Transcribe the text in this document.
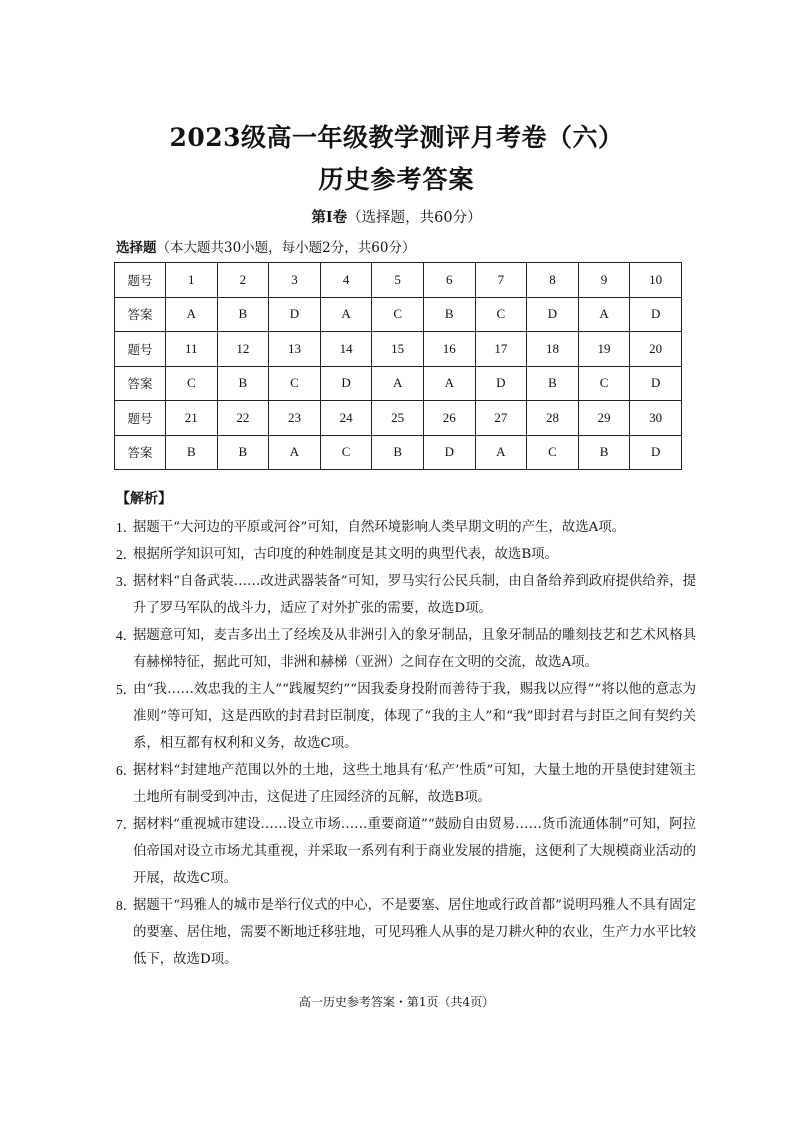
2023级高一年级教学测评月考卷（六）
历史参考答案
第Ⅰ卷（选择题，共60分）
选择题（本大题共30小题，每小题2分，共60分）
题号	1	2	3	4	5	6	7	8	9	10
答案	A	B	D	A	C	B	C	D	A	D
题号	11	12	13	14	15	16	17	18	19	20
答案	C	B	C	D	A	A	D	B	C	D
题号	21	22	23	24	25	26	27	28	29	30
答案	B	B	A	C	B	D	A	C	B	D
【解析】

1．
据题干“大河边的平原或河谷”可知，自然环境影响人类早期文明的产生，故选A项。

2．
根据所学知识可知，古印度的种姓制度是其文明的典型代表，故选B项。

3．
据材料“自备武装……改进武器装备”可知，罗马实行公民兵制，由自备给养到政府提供给养，提升了罗马军队的战斗力，适应了对外扩张的需要，故选D项。

4．
据题意可知，麦吉多出土了经埃及从非洲引入的象牙制品，且象牙制品的雕刻技艺和艺术风格具有赫梯特征，据此可知，非洲和赫梯（亚洲）之间存在文明的交流，故选A项。

5．
由“我……效忠我的主人”“践履契约”“因我委身投附而善待于我，赐我以应得”“将以他的意志为准则”等可知，这是西欧的封君封臣制度，体现了“我的主人”和“我”即封君与封臣之间有契约关系，相互都有权利和义务，故选C项。

6．
据材料“封建地产范围以外的土地，这些土地具有‘私产’性质”可知，大量土地的开垦使封建领主土地所有制受到冲击，这促进了庄园经济的瓦解，故选B项。

7．
据材料“重视城市建设……设立市场……重要商道”“鼓励自由贸易……货币流通体制”可知，阿拉伯帝国对设立市场尤其重视，并采取一系列有利于商业发展的措施，这便利了大规模商业活动的开展，故选C项。

8．
据题干“玛雅人的城市是举行仪式的中心，不是要塞、居住地或行政首都”说明玛雅人不具有固定的要塞、居住地，需要不断地迁移驻地，可见玛雅人从事的是刀耕火种的农业，生产力水平比较低下，故选D项。

高一历史参考答案・第1页（共4页）
